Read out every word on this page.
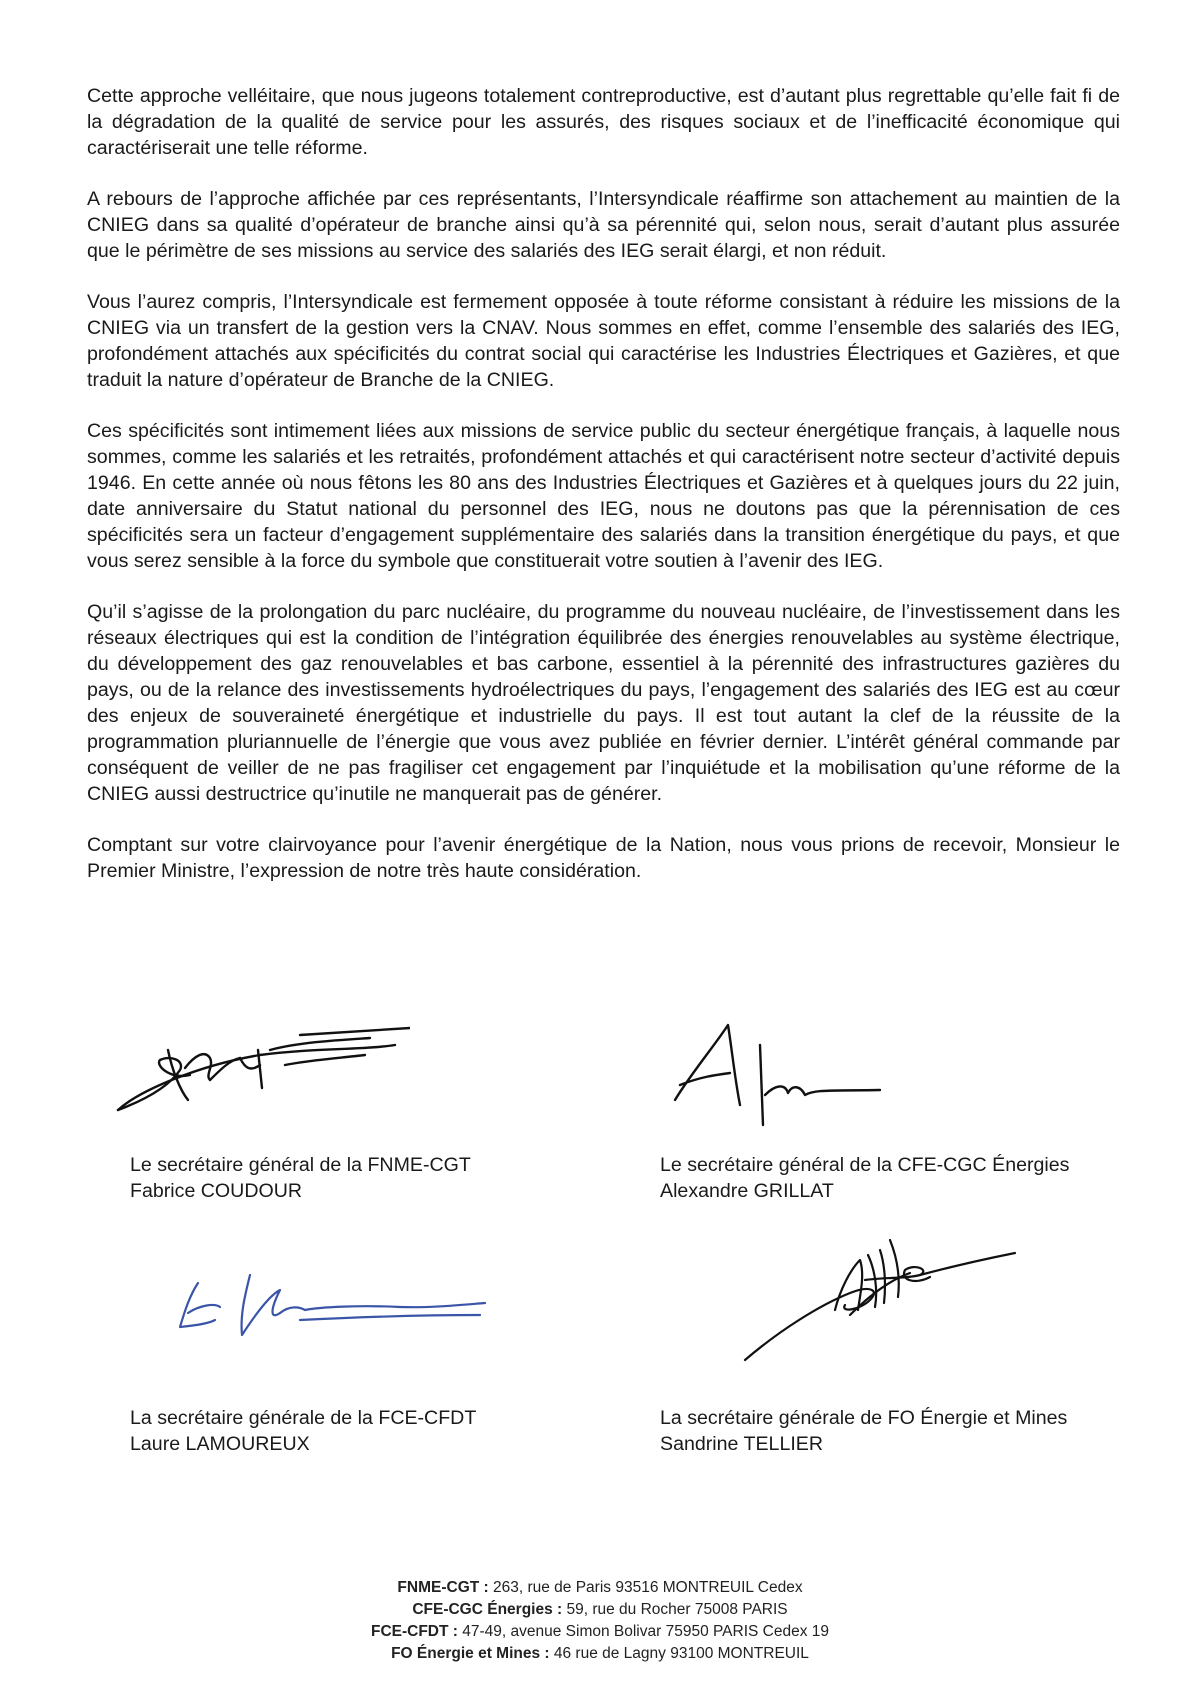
Cette approche velléitaire, que nous jugeons totalement contreproductive, est d’autant plus regrettable qu’elle fait fi de la dégradation de la qualité de service pour les assurés, des risques sociaux et de l’inefficacité économique qui caractériserait une telle réforme.

A rebours de l’approche affichée par ces représentants, l’Intersyndicale réaffirme son attachement au maintien de la CNIEG dans sa qualité d’opérateur de branche ainsi qu’à sa pérennité qui, selon nous, serait d’autant plus assurée que le périmètre de ses missions au service des salariés des IEG serait élargi, et non réduit.

Vous l’aurez compris, l’Intersyndicale est fermement opposée à toute réforme consistant à réduire les missions de la CNIEG via un transfert de la gestion vers la CNAV. Nous sommes en effet, comme l’ensemble des salariés des IEG, profondément attachés aux spécificités du contrat social qui caractérise les Industries Électriques et Gazières, et que traduit la nature d’opérateur de Branche de la CNIEG.

Ces spécificités sont intimement liées aux missions de service public du secteur énergétique français, à laquelle nous sommes, comme les salariés et les retraités, profondément attachés et qui caractérisent notre secteur d’activité depuis 1946. En cette année où nous fêtons les 80 ans des Industries Électriques et Gazières et à quelques jours du 22 juin, date anniversaire du Statut national du personnel des IEG, nous ne doutons pas que la pérennisation de ces spécificités sera un facteur d’engagement supplémentaire des salariés dans la transition énergétique du pays, et que vous serez sensible à la force du symbole que constituerait votre soutien à l’avenir des IEG.

Qu’il s’agisse de la prolongation du parc nucléaire, du programme du nouveau nucléaire, de l’investissement dans les réseaux électriques qui est la condition de l’intégration équilibrée des énergies renouvelables au système électrique, du développement des gaz renouvelables et bas carbone, essentiel à la pérennité des infrastructures gazières du pays, ou de la relance des investissements hydroélectriques du pays, l’engagement des salariés des IEG est au cœur des enjeux de souveraineté énergétique et industrielle du pays. Il est tout autant la clef de la réussite de la programmation pluriannuelle de l’énergie que vous avez publiée en février dernier. L’intérêt général commande par conséquent de veiller de ne pas fragiliser cet engagement par l’inquiétude et la mobilisation qu’une réforme de la CNIEG aussi destructrice qu’inutile ne manquerait pas de générer.

Comptant sur votre clairvoyance pour l’avenir énergétique de la Nation, nous vous prions de recevoir, Monsieur le Premier Ministre, l’expression de notre très haute considération.

Le secrétaire général de la FNME-CGT

Fabrice COUDOUR

Le secrétaire général de la CFE-CGC Énergies

Alexandre GRILLAT

La secrétaire générale de la FCE-CFDT

Laure LAMOUREUX

La secrétaire générale de FO Énergie et Mines

Sandrine TELLIER

FNME-CGT : 263, rue de Paris 93516 MONTREUIL Cedex

CFE-CGC Énergies : 59, rue du Rocher 75008 PARIS

FCE-CFDT : 47-49, avenue Simon Bolivar 75950 PARIS Cedex 19

FO Énergie et Mines : 46 rue de Lagny 93100 MONTREUIL
